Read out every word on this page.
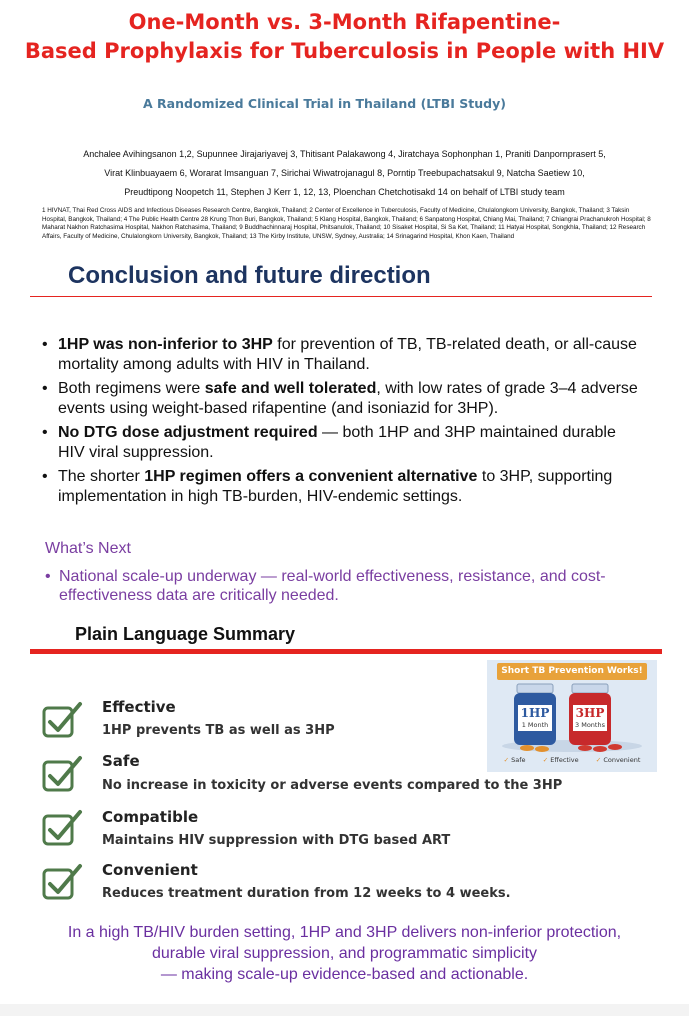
One-Month vs. 3-Month Rifapentine-
Based Prophylaxis for Tuberculosis in People with HIV
A Randomized Clinical Trial in Thailand (LTBI Study)
Anchalee Avihingsanon 1,2, Supunnee Jirajariyavej 3, Thitisant Palakawong 4, Jiratchaya Sophonphan 1, Praniti Danpornprasert 5,
Virat Klinbuayaem 6, Worarat Imsanguan 7, Sirichai Wiwatrojanagul 8, Porntip Treebupachatsakul 9, Natcha Saetiew 10,
Preudtipong Noopetch 11, Stephen J Kerr 1, 12, 13, Ploenchan Chetchotisakd 14 on behalf of LTBI study team
1 HIVNAT, Thai Red Cross AIDS and Infectious Diseases Research Centre, Bangkok, Thailand; 2 Center of Excellence in Tuberculosis, Faculty of Medicine, Chulalongkorn University, Bangkok, Thailand; 3 Taksin Hospital, Bangkok, Thailand; 4 The Public Health Centre 28 Krung Thon Buri, Bangkok, Thailand; 5 Klang Hospital, Bangkok, Thailand; 6 Sanpatong Hospital, Chiang Mai, Thailand; 7 Chiangrai Prachanukroh Hospital; 8 Maharat Nakhon Ratchasima Hospital, Nakhon Ratchasima, Thailand; 9 Buddhachinnaraj Hospital, Phitsanulok, Thailand; 10 Sisaket Hospital, Si Sa Ket, Thailand; 11 Hatyai Hospital, Songkhla, Thailand; 12 Research Affairs, Faculty of Medicine, Chulalongkorn University, Bangkok, Thailand; 13 The Kirby Institute, UNSW, Sydney, Australia; 14 Srinagarind Hospital, Khon Kaen, Thailand
Conclusion and future direction
• 1HP was non-inferior to 3HP for prevention of TB, TB-related death, or all-cause mortality among adults with HIV in Thailand.
• Both regimens were safe and well tolerated, with low rates of grade 3–4 adverse events using weight-based rifapentine (and isoniazid for 3HP).
• No DTG dose adjustment required — both 1HP and 3HP maintained durable HIV viral suppression.
• The shorter 1HP regimen offers a convenient alternative to 3HP, supporting implementation in high TB-burden, HIV-endemic settings.
What’s Next
• National scale-up underway — real-world effectiveness, resistance, and cost-effectiveness data are critically needed.
Plain Language Summary
Effective
1HP prevents TB as well as 3HP
Safe
No increase in toxicity or adverse events compared to the 3HP
Compatible
Maintains HIV suppression with DTG based ART
Convenient
Reduces treatment duration from 12 weeks to 4 weeks.
Short TB Prevention Works!
1HP
1 Month
3HP
3 Months
✓ Safe	✓ Effective	✓ Convenient
In a high TB/HIV burden setting, 1HP and 3HP delivers non-inferior protection,
durable viral suppression, and programmatic simplicity
— making scale-up evidence-based and actionable.
